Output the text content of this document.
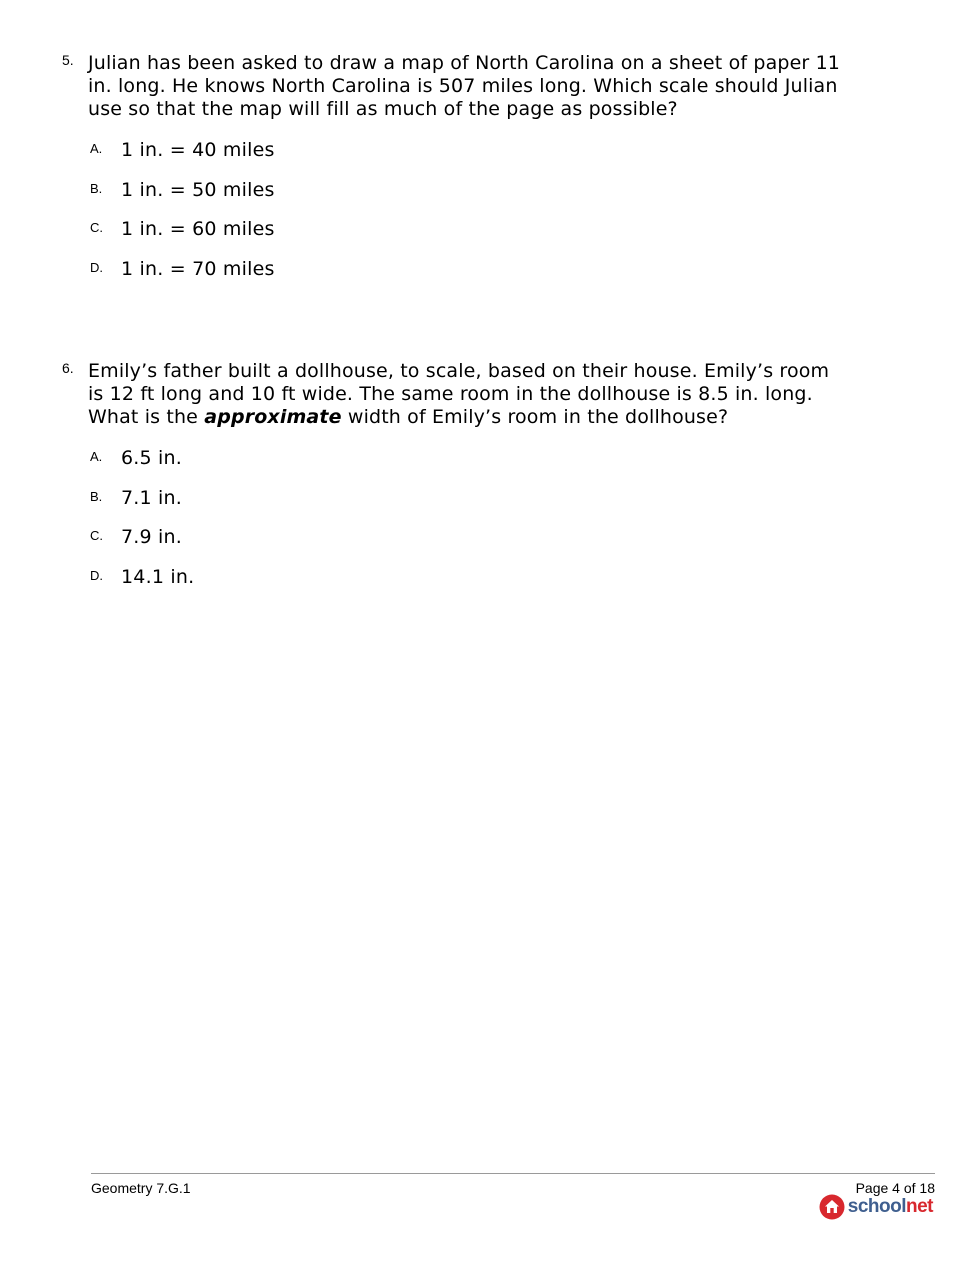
5. Julian has been asked to draw a map of North Carolina on a sheet of paper 11 in. long. He knows North Carolina is 507 miles long. Which scale should Julian use so that the map will fill as much of the page as possible?
A. 1 in. = 40 miles
B. 1 in. = 50 miles
C. 1 in. = 60 miles
D. 1 in. = 70 miles
6. Emily’s father built a dollhouse, to scale, based on their house. Emily’s room is 12 ft long and 10 ft wide. The same room in the dollhouse is 8.5 in. long. What is the approximate width of Emily’s room in the dollhouse?
A. 6.5 in.
B. 7.1 in.
C. 7.9 in.
D. 14.1 in.
Geometry 7.G.1	Page 4 of 18
schoolnet
